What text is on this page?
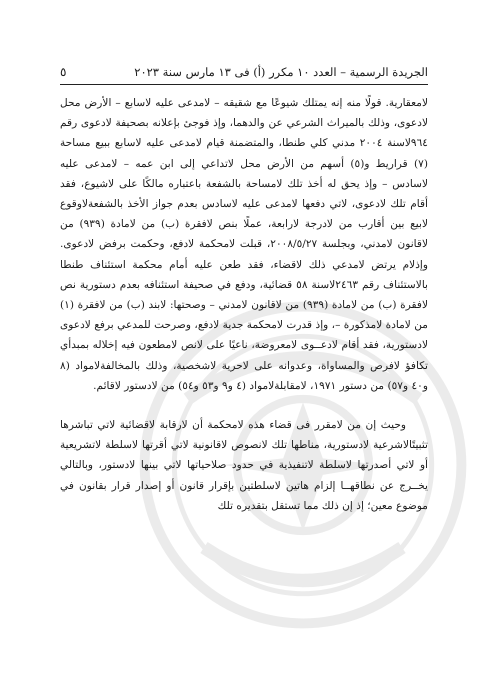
الجريدة الرسمية – العدد ١٠ مكرر (أ) فى ١٣ مارس سنة ٢٠٢٣
٥

لامعقارية. قولًا منه إنه يمتلك شيوعًا مع شقيقه – لامدعى عليه لاسابع – الأرض محل لادعوى، وذلك بالميراث الشرعي عن والدهما، وإذ فوجئ بإعلانه بصحيفة لادعوى رقم ٩٦٤لاسنة ٢٠٠٤ مدني كلي طنطا، والمتضمنة قيام لامدعى عليه لاسابع ببيع مساحة (٧) قراريط و(٥) أسهم من الأرض محل لاتداعي إلى ابن عمه – لامدعى عليه لاسادس – وإذ يحق له أخذ تلك لامساحة بالشفعة باعتباره مالكًا على لاشيوع، فقد أقام تلك لادعوى، لاتي دفعها لامدعى عليه لاسادس بعدم جواز الأخذ بالشفعةلاوقوع لابيع بين أقارب من لادرجة لارابعة، عملًا بنص لافقرة (ب) من لامادة (٩٣٩) من لاقانون لامدني، وبجلسة ٢٠٠٨/٥/٢٧، قبلت لامحكمة لادفع، وحكمت برفض لادعوى. وإذلام يرتض لامدعي ذلك لاقضاء، فقد طعن عليه أمام محكمة استئناف طنطا بالاستئناف رقم ٢٤٦٣لاسنة ٥٨ قضائية، ودفع في صحيفة استئنافه بعدم دستورية نص لافقرة (ب) من لامادة (٩٣٩) من لاقانون لامدني – وصحتها: لابند (ب) من لافقرة (١) من لامادة لامذكورة –، وإذ قدرت لامحكمة جدية لادفع، وصرحت للمدعي برفع لادعوى لادستورية، فقد أقام لادعــوى لامعروضة، ناعيًا على لانص لامطعون فيه إخلاله بمبدأي تكافؤ لافرص والمساواة، وعدوانه على لاحرية لاشخصية، وذلك بالمخالفةلامواد (٨ و٤٠ و٥٧) من دستور ١٩٧١، لامقابلةلامواد (٤ و٩ و٥٣ و٥٤) من لادستور لاقائم.

وحيث إن من لامقرر فى قضاء هذه لامحكمة أن لارقابة لاقضائية لاتي تباشرها تثبيتًالاشرعية لادستورية، مناطها تلك لانصوص لاقانونية لاتي أقرتها لاسلطة لاتشريعية أو لاتي أصدرتها لاسلطة لاتنفيذية في حدود صلاحياتها لاتي بينها لادستور، وبالتالي يخــرج عن نطاقهــا إلزام هاتين لاسلطتين بإقرار قانون أو إصدار قرار بقانون في موضوع معين؛ إذ إن ذلك مما تستقل بتقديره تلك
